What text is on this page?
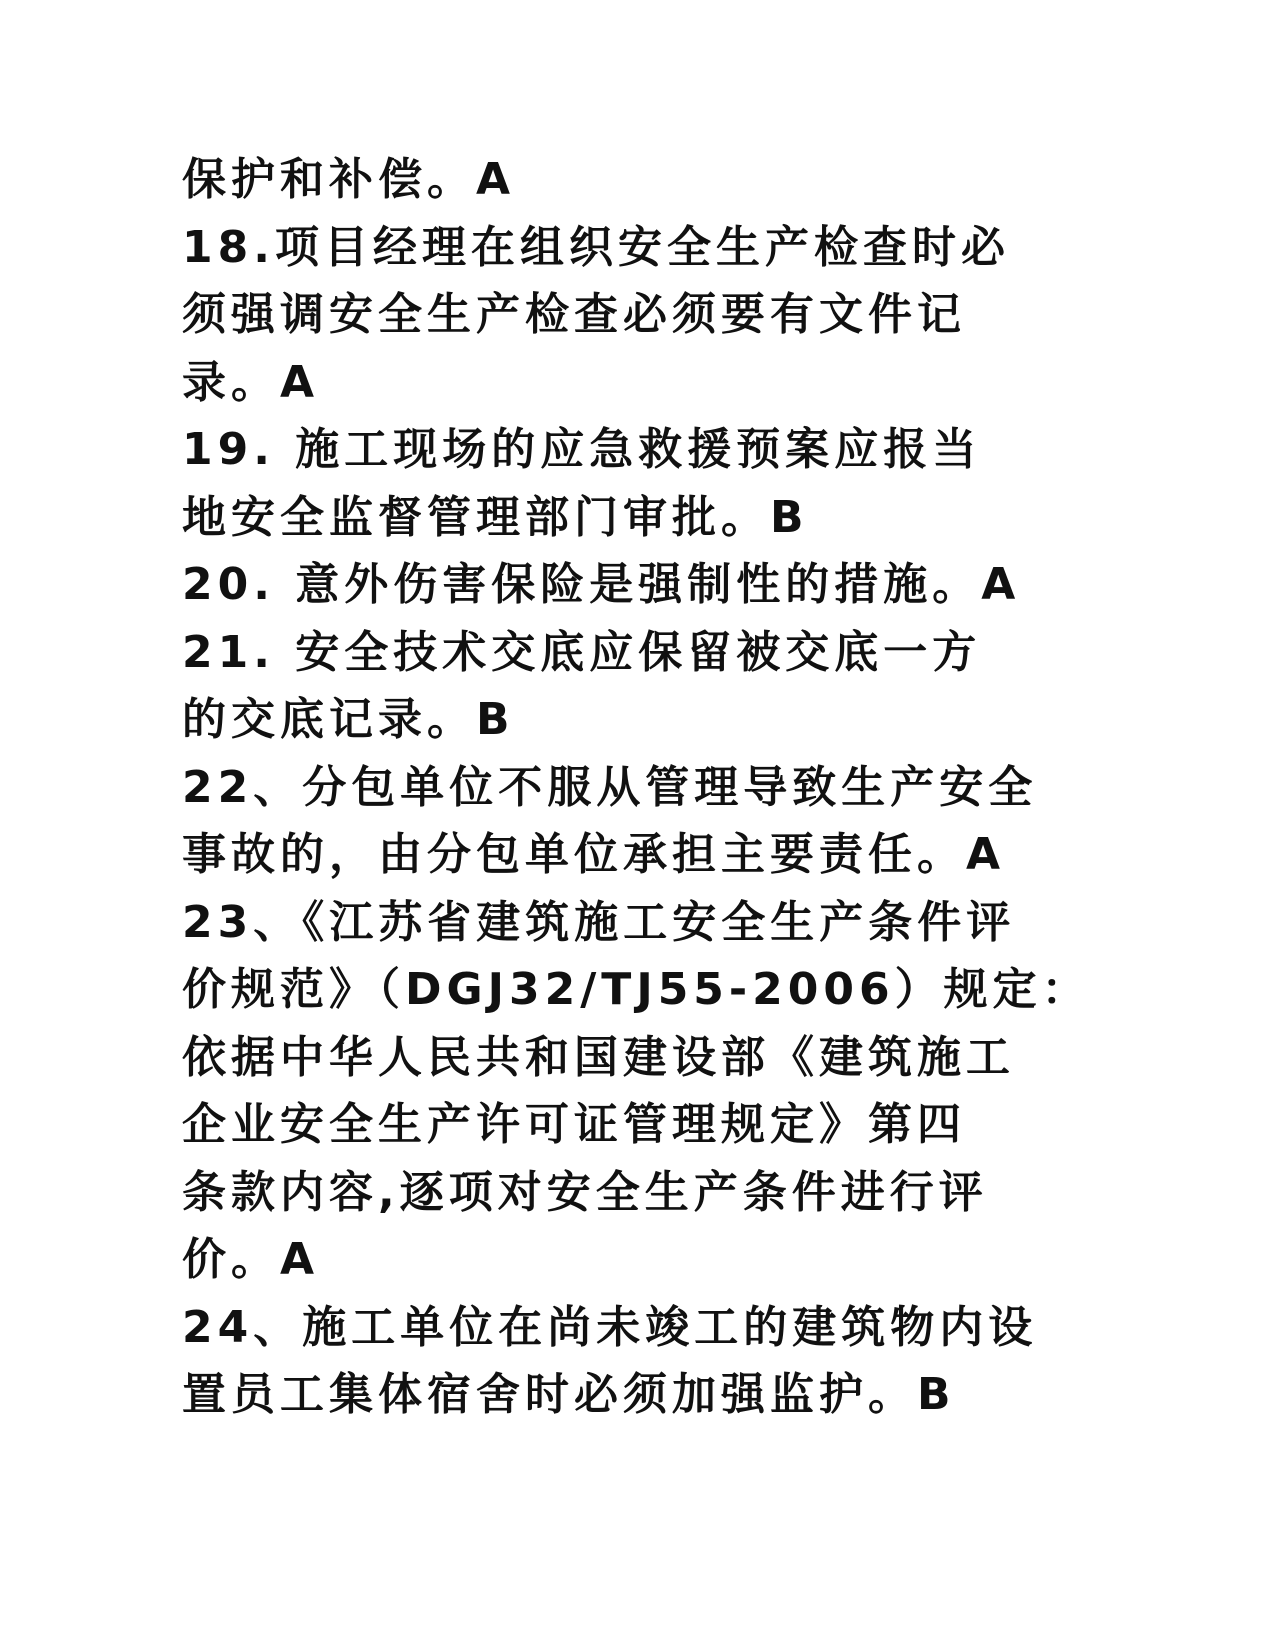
保护和补偿。A
18.项目经理在组织安全生产检查时必
须强调安全生产检查必须要有文件记
录。A
19. 施工现场的应急救援预案应报当
地安全监督管理部门审批。B
20. 意外伤害保险是强制性的措施。A
21. 安全技术交底应保留被交底一方
的交底记录。B
22、分包单位不服从管理导致生产安全
事故的，由分包单位承担主要责任。A
23、《江苏省建筑施工安全生产条件评
价规范》（DGJ32/TJ55-2006）规定：
依据中华人民共和国建设部《建筑施工
企业安全生产许可证管理规定》第四
条款内容,逐项对安全生产条件进行评
价。A
24、施工单位在尚未竣工的建筑物内设
置员工集体宿舍时必须加强监护。B
